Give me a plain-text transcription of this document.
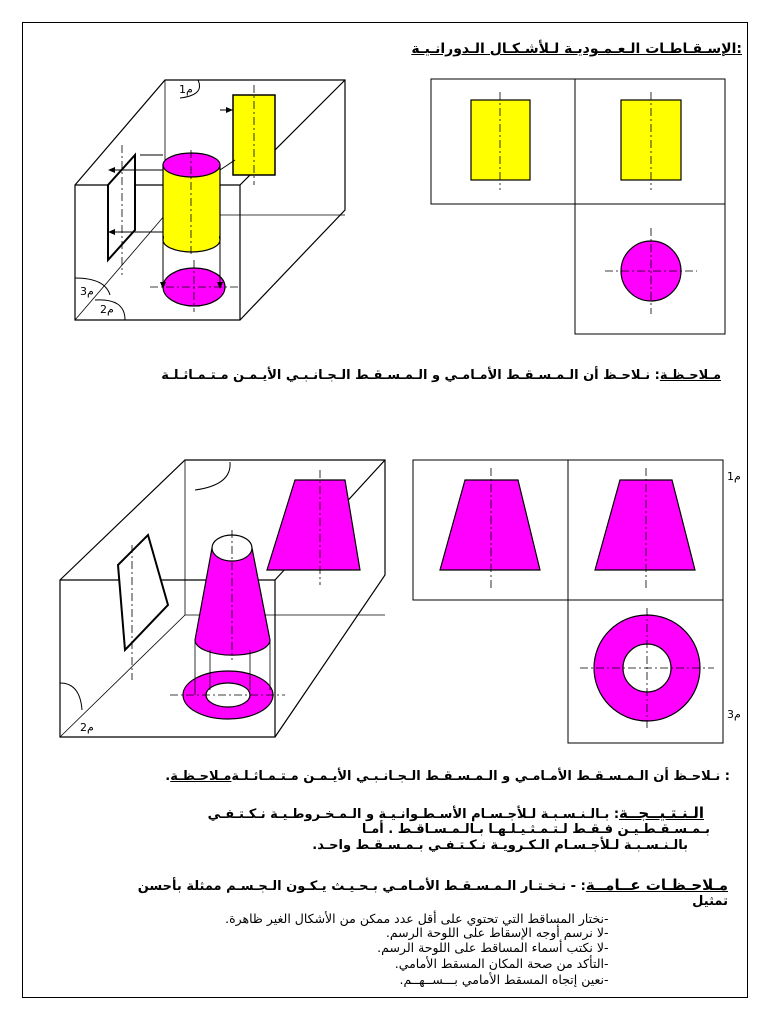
:الإسـقـاطـات الـعـمـوديـة لـلأشـكـال الـدورانـيـة
م1
م3
م2
مـلاحـظـة: نـلاحـظ أن الـمـسـقـط الأمـامـي و الـمـسـقـط الـجـانـبـي الأيـمـن مـتـمـاثـلـة
م2
م1
م3
: نـلاحـظ أن الـمـسـقـط الأمـامـي و الـمـسـقـط الـجـانـبـي الأيـمـن مـتـمـاثـلـةمـلاحـظـة.
الـنـتـيــجــة: بـالـنـسـبـة لـلأجـسـام الأسـطـوانـيـة و الـمـخـروطـيـة نـكـتـفـي
بـمـسـقـطـيـن فـقـط لـتـمـثـيـلـهـا بـالـمـسـاقـط . أمـا
بالـنـسـبـة لـلأجـسـام الـكـرويـة نـكـتـفـي بـمـسـقـط واحـد.
مـلاحـظـات عــامــة: - نـخـتـار الـمـسـقـط الأمـامـي بـحـيـث يـكـون الـجـسـم ممثلة بأحسن
تمثيل
-نختار المساقط التي تحتوي على أقل عدد ممكن من الأشكال الغير ظاهرة.
-لا نرسم أوجه الإسقاط على اللوحة الرسم.
-لا نكتب أسماء المساقط على اللوحة الرسم.
-التأكد من صحة المكان المسقط الأمامي.
-نعين إتجاه المسقط الأمامي بـــســهــم.
